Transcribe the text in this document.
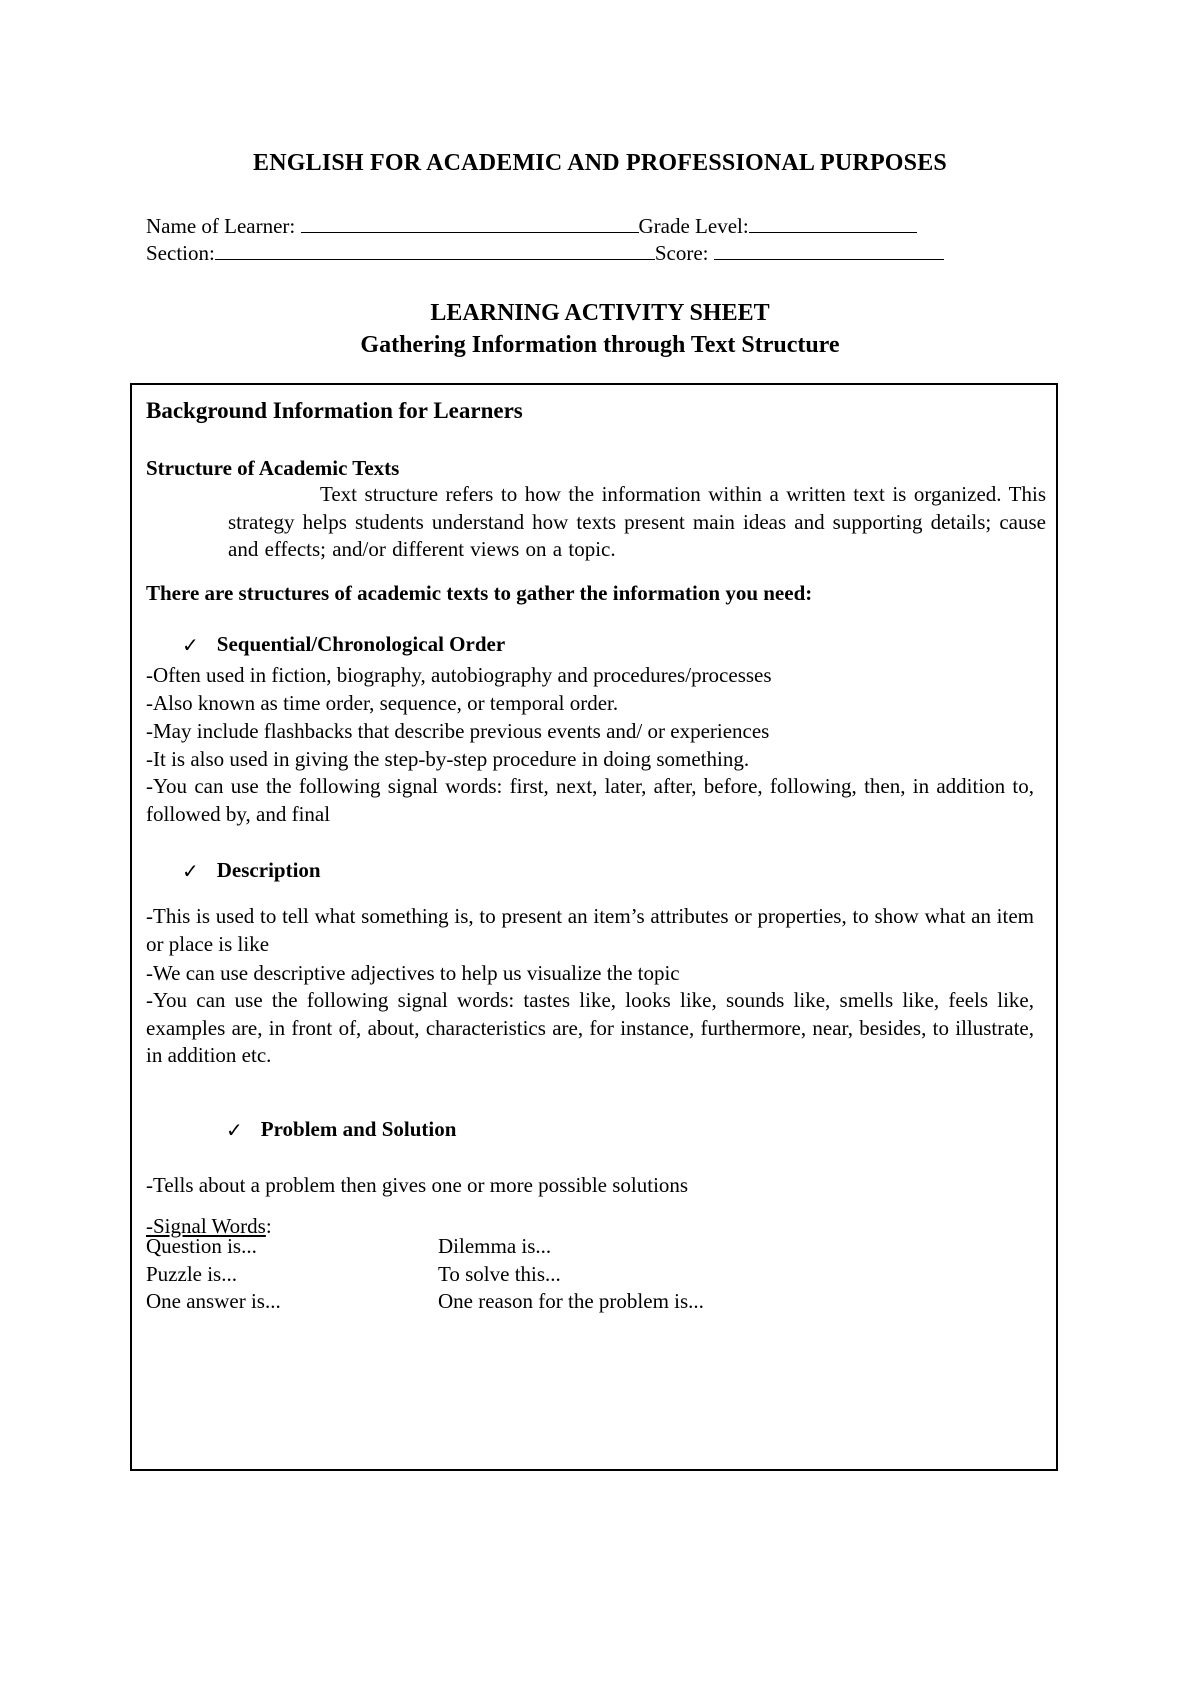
ENGLISH FOR ACADEMIC AND PROFESSIONAL PURPOSES
Name of Learner:	Grade Level:
Section:	Score:
LEARNING ACTIVITY SHEET
Gathering Information through Text Structure
Background Information for Learners
Structure of Academic Texts
Text structure refers to how the information within a written text is organized. This strategy helps students understand how texts present main ideas and supporting details; cause and effects; and/or different views on a topic.
There are structures of academic texts to gather the information you need:
✓ Sequential/Chronological Order
-Often used in fiction, biography, autobiography and procedures/processes
-Also known as time order, sequence, or temporal order.
-May include flashbacks that describe previous events and/ or experiences
-It is also used in giving the step-by-step procedure in doing something.
-You can use the following signal words: first, next, later, after, before, following, then, in addition to, followed by, and final
✓ Description
-This is used to tell what something is, to present an item’s attributes or properties, to show what an item or place is like
-We can use descriptive adjectives to help us visualize the topic
-You can use the following signal words: tastes like, looks like, sounds like, smells like, feels like, examples are, in front of, about, characteristics are, for instance, furthermore, near, besides, to illustrate, in addition etc.
✓ Problem and Solution
-Tells about a problem then gives one or more possible solutions
-Signal Words:
Question is...	Dilemma is...
Puzzle is...	To solve this...
One answer is...	One reason for the problem is...
